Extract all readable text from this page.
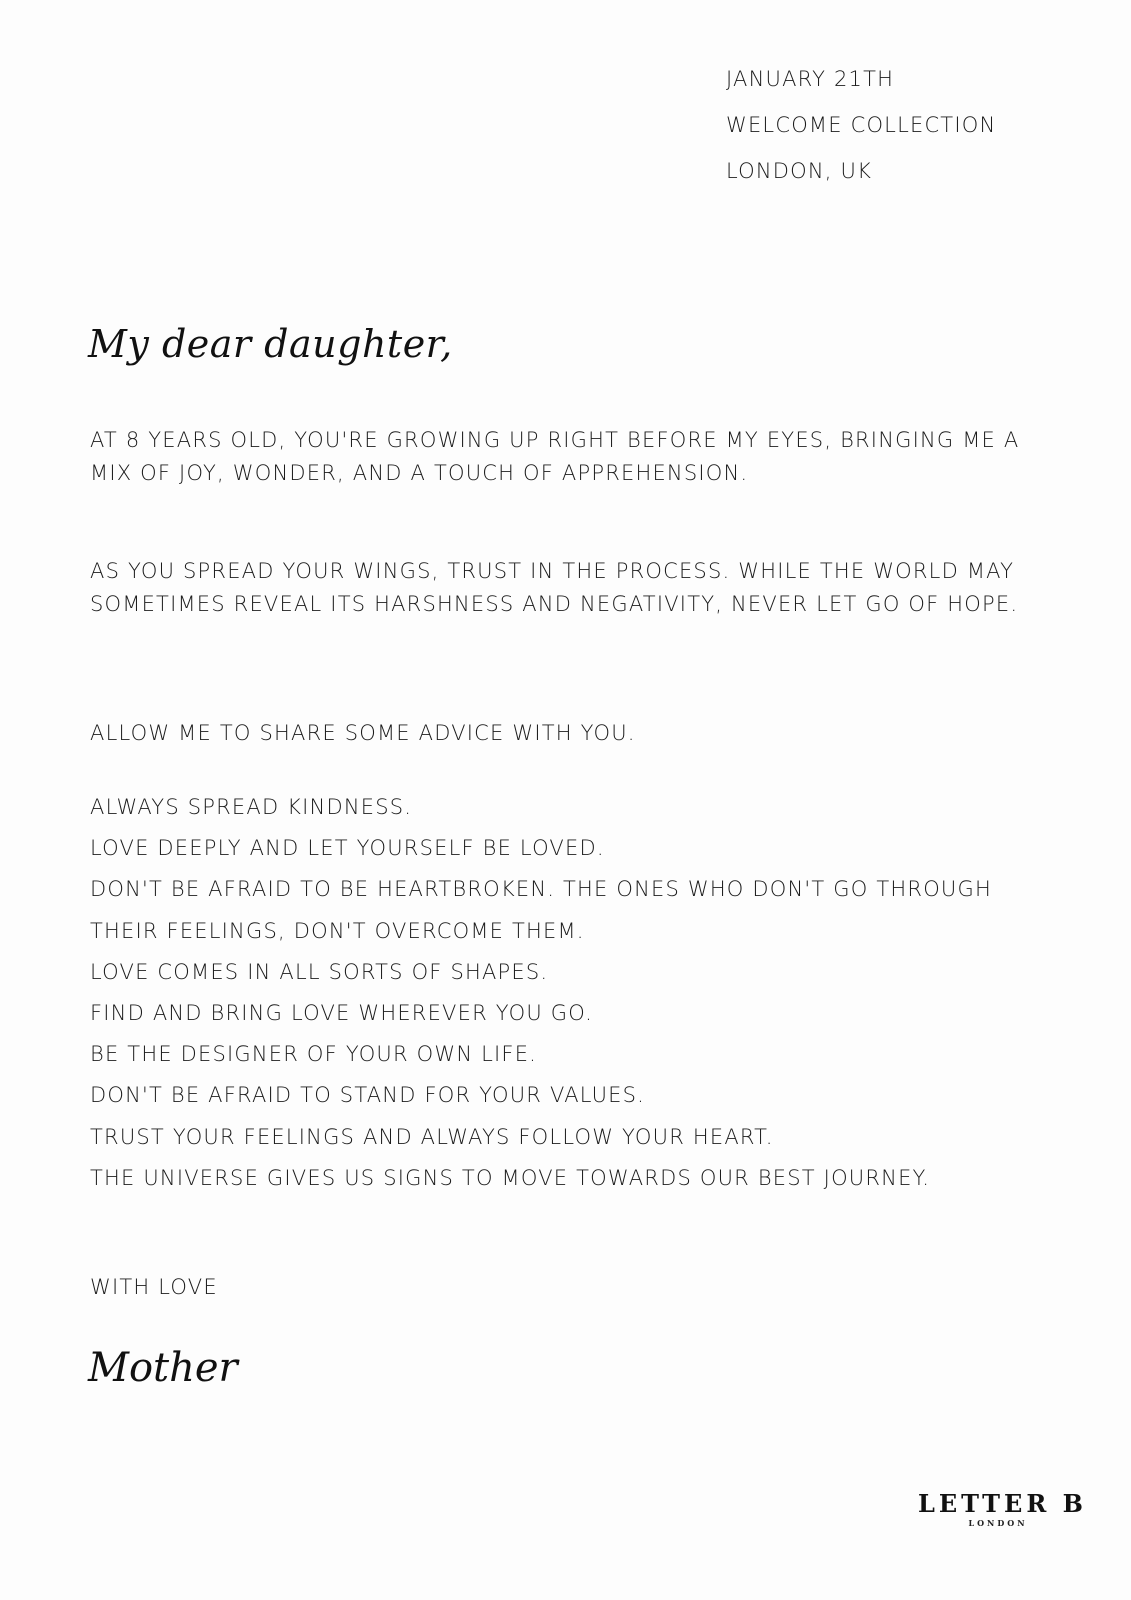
JANUARY 21TH
WELCOME COLLECTION
LONDON, UK
My dear daughter,

AT 8 YEARS OLD, YOU'RE GROWING UP RIGHT BEFORE MY EYES, BRINGING ME A MIX OF JOY, WONDER, AND A TOUCH OF APPREHENSION.

AS YOU SPREAD YOUR WINGS, TRUST IN THE PROCESS. WHILE THE WORLD MAY SOMETIMES REVEAL ITS HARSHNESS AND NEGATIVITY, NEVER LET GO OF HOPE.

ALLOW ME TO SHARE SOME ADVICE WITH YOU.

ALWAYS SPREAD KINDNESS.
LOVE DEEPLY AND LET YOURSELF BE LOVED.
DON'T BE AFRAID TO BE HEARTBROKEN. THE ONES WHO DON'T GO THROUGH THEIR FEELINGS, DON'T OVERCOME THEM.
LOVE COMES IN ALL SORTS OF SHAPES.
FIND AND BRING LOVE WHEREVER YOU GO.
BE THE DESIGNER OF YOUR OWN LIFE.
DON'T BE AFRAID TO STAND FOR YOUR VALUES.
TRUST YOUR FEELINGS AND ALWAYS FOLLOW YOUR HEART.
THE UNIVERSE GIVES US SIGNS TO MOVE TOWARDS OUR BEST JOURNEY.
WITH LOVE
Mother
LETTER B
LONDON
